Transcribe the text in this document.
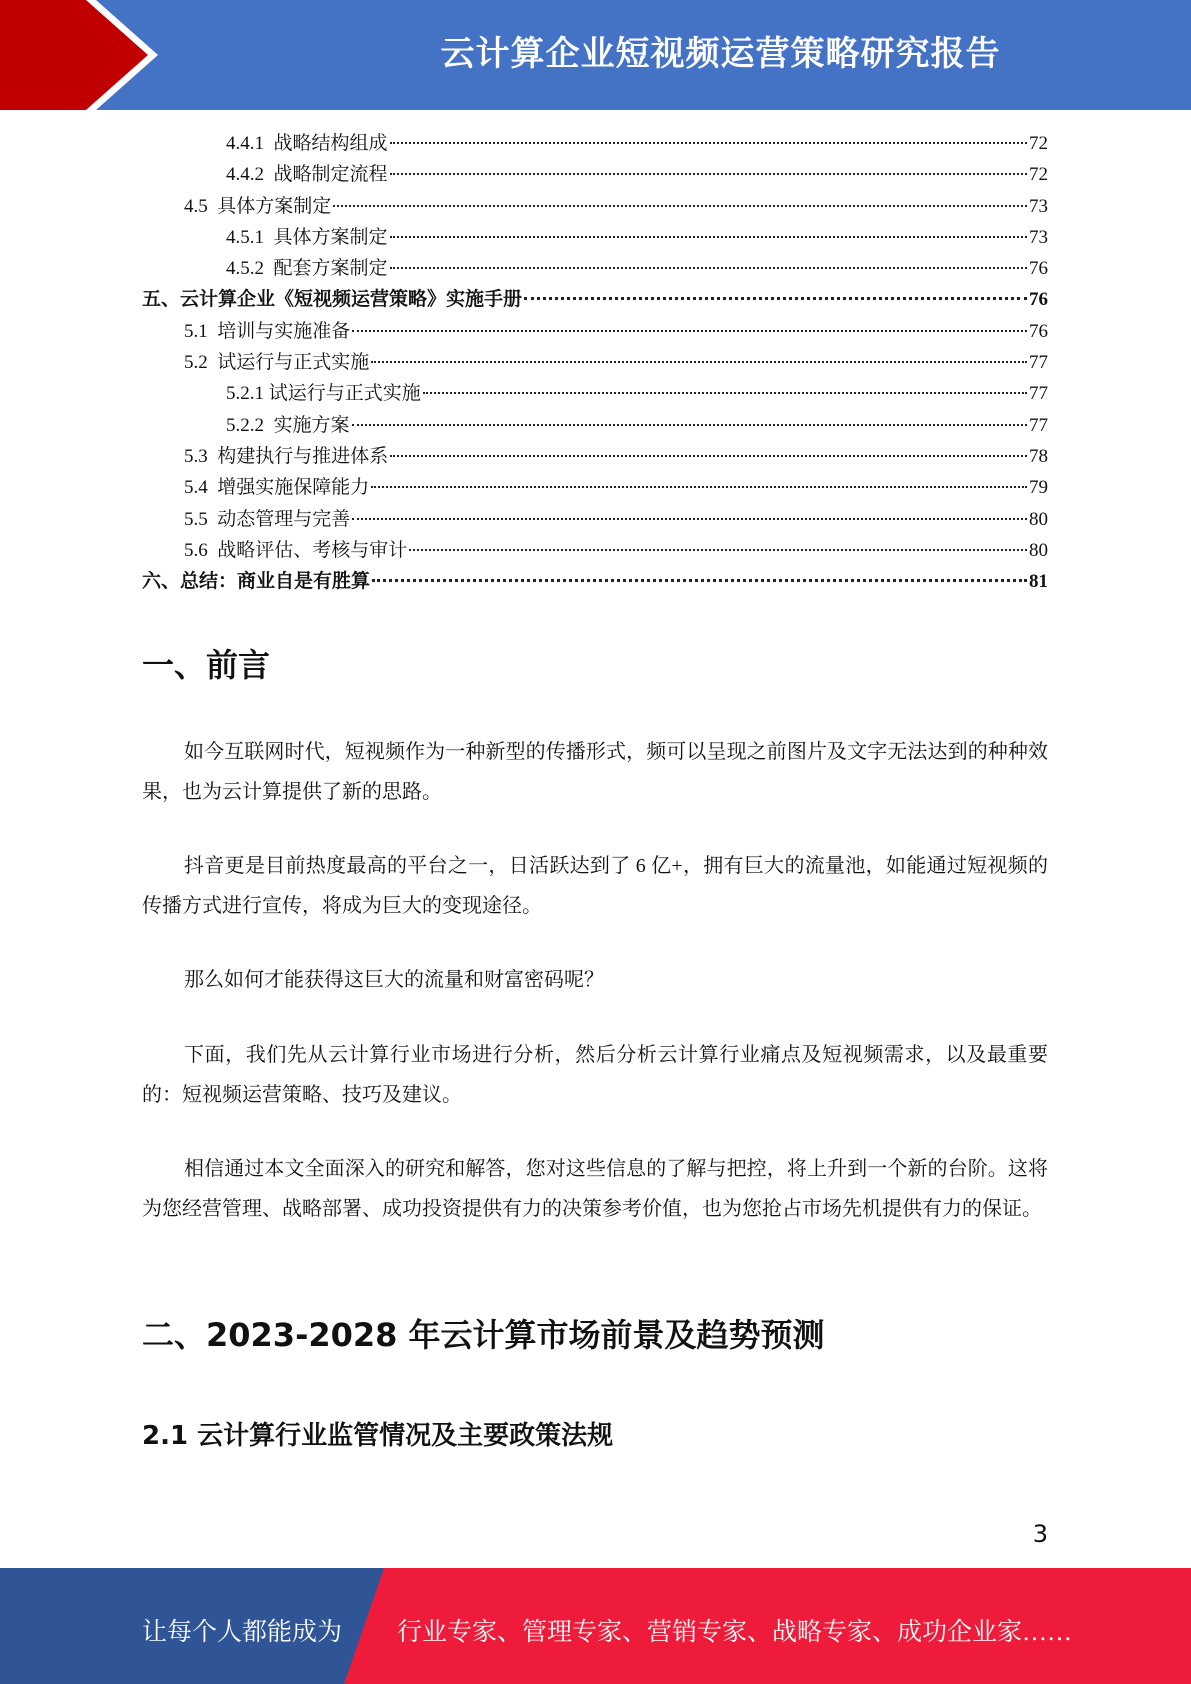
云计算企业短视频运营策略研究报告
4.4.1  战略结构组成	72
4.4.2  战略制定流程	72
4.5  具体方案制定	73
4.5.1  具体方案制定	73
4.5.2  配套方案制定	76
五、云计算企业《短视频运营策略》实施手册	76
5.1  培训与实施准备	76
5.2  试运行与正式实施	77
5.2.1 试运行与正式实施	77
5.2.2  实施方案	77
5.3  构建执行与推进体系	78
5.4  增强实施保障能力	79
5.5  动态管理与完善	80
5.6  战略评估、考核与审计	80
六、总结：商业自是有胜算	81
一、前言

如今互联网时代，短视频作为一种新型的传播形式，频可以呈现之前图片及文字无法达到的种种效果，也为云计算提供了新的思路。

抖音更是目前热度最高的平台之一，日活跃达到了 6 亿+，拥有巨大的流量池，如能通过短视频的传播方式进行宣传，将成为巨大的变现途径。

那么如何才能获得这巨大的流量和财富密码呢？

下面，我们先从云计算行业市场进行分析，然后分析云计算行业痛点及短视频需求，以及最重要的：短视频运营策略、技巧及建议。

相信通过本文全面深入的研究和解答，您对这些信息的了解与把控，将上升到一个新的台阶。这将为您经营管理、战略部署、成功投资提供有力的决策参考价值，也为您抢占市场先机提供有力的保证。

二、2023-2028 年云计算市场前景及趋势预测
2.1 云计算行业监管情况及主要政策法规
3
让每个人都能成为 行业专家、管理专家、营销专家、战略专家、成功企业家……
